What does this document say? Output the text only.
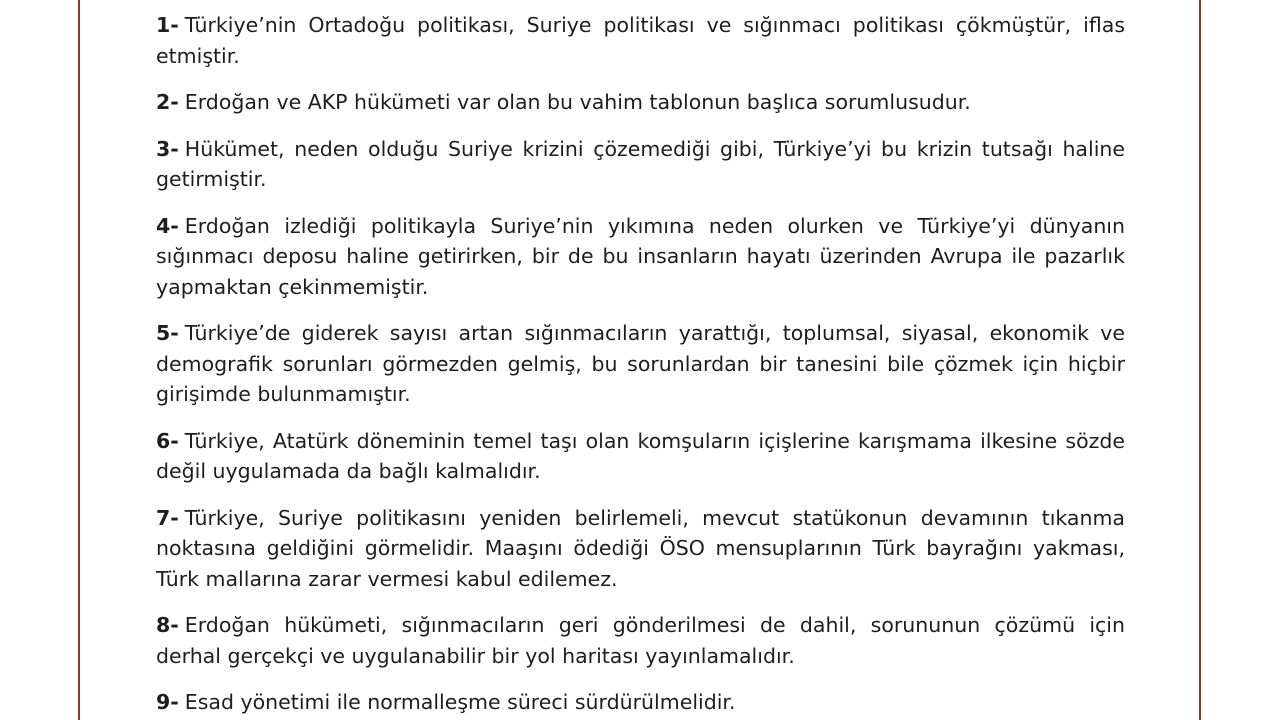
1- Türkiye’nin Ortadoğu politikası, Suriye politikası ve sığınmacı politikası çökmüştür, iflas etmiştir.

2- Erdoğan ve AKP hükümeti var olan bu vahim tablonun başlıca sorumlusudur.

3- Hükümet, neden olduğu Suriye krizini çözemediği gibi, Türkiye’yi bu krizin tutsağı haline getirmiştir.

4- Erdoğan izlediği politikayla Suriye’nin yıkımına neden olurken ve Türkiye’yi dünyanın sığınmacı deposu haline getirirken, bir de bu insanların hayatı üzerinden Avrupa ile pazarlık yapmaktan çekinmemiştir.

5- Türkiye’de giderek sayısı artan sığınmacıların yarattığı, toplumsal, siyasal, ekonomik ve demografik sorunları görmezden gelmiş, bu sorunlardan bir tanesini bile çözmek için hiçbir girişimde bulunmamıştır.

6- Türkiye, Atatürk döneminin temel taşı olan komşuların içişlerine karışmama ilkesine sözde değil uygulamada da bağlı kalmalıdır.

7- Türkiye, Suriye politikasını yeniden belirlemeli, mevcut statükonun devamının tıkanma noktasına geldiğini görmelidir. Maaşını ödediği ÖSO mensuplarının Türk bayrağını yakması, Türk mallarına zarar vermesi kabul edilemez.

8- Erdoğan hükümeti, sığınmacıların geri gönderilmesi de dahil, sorununun çözümü için derhal gerçekçi ve uygulanabilir bir yol haritası yayınlamalıdır.

9- Esad yönetimi ile normalleşme süreci sürdürülmelidir.
